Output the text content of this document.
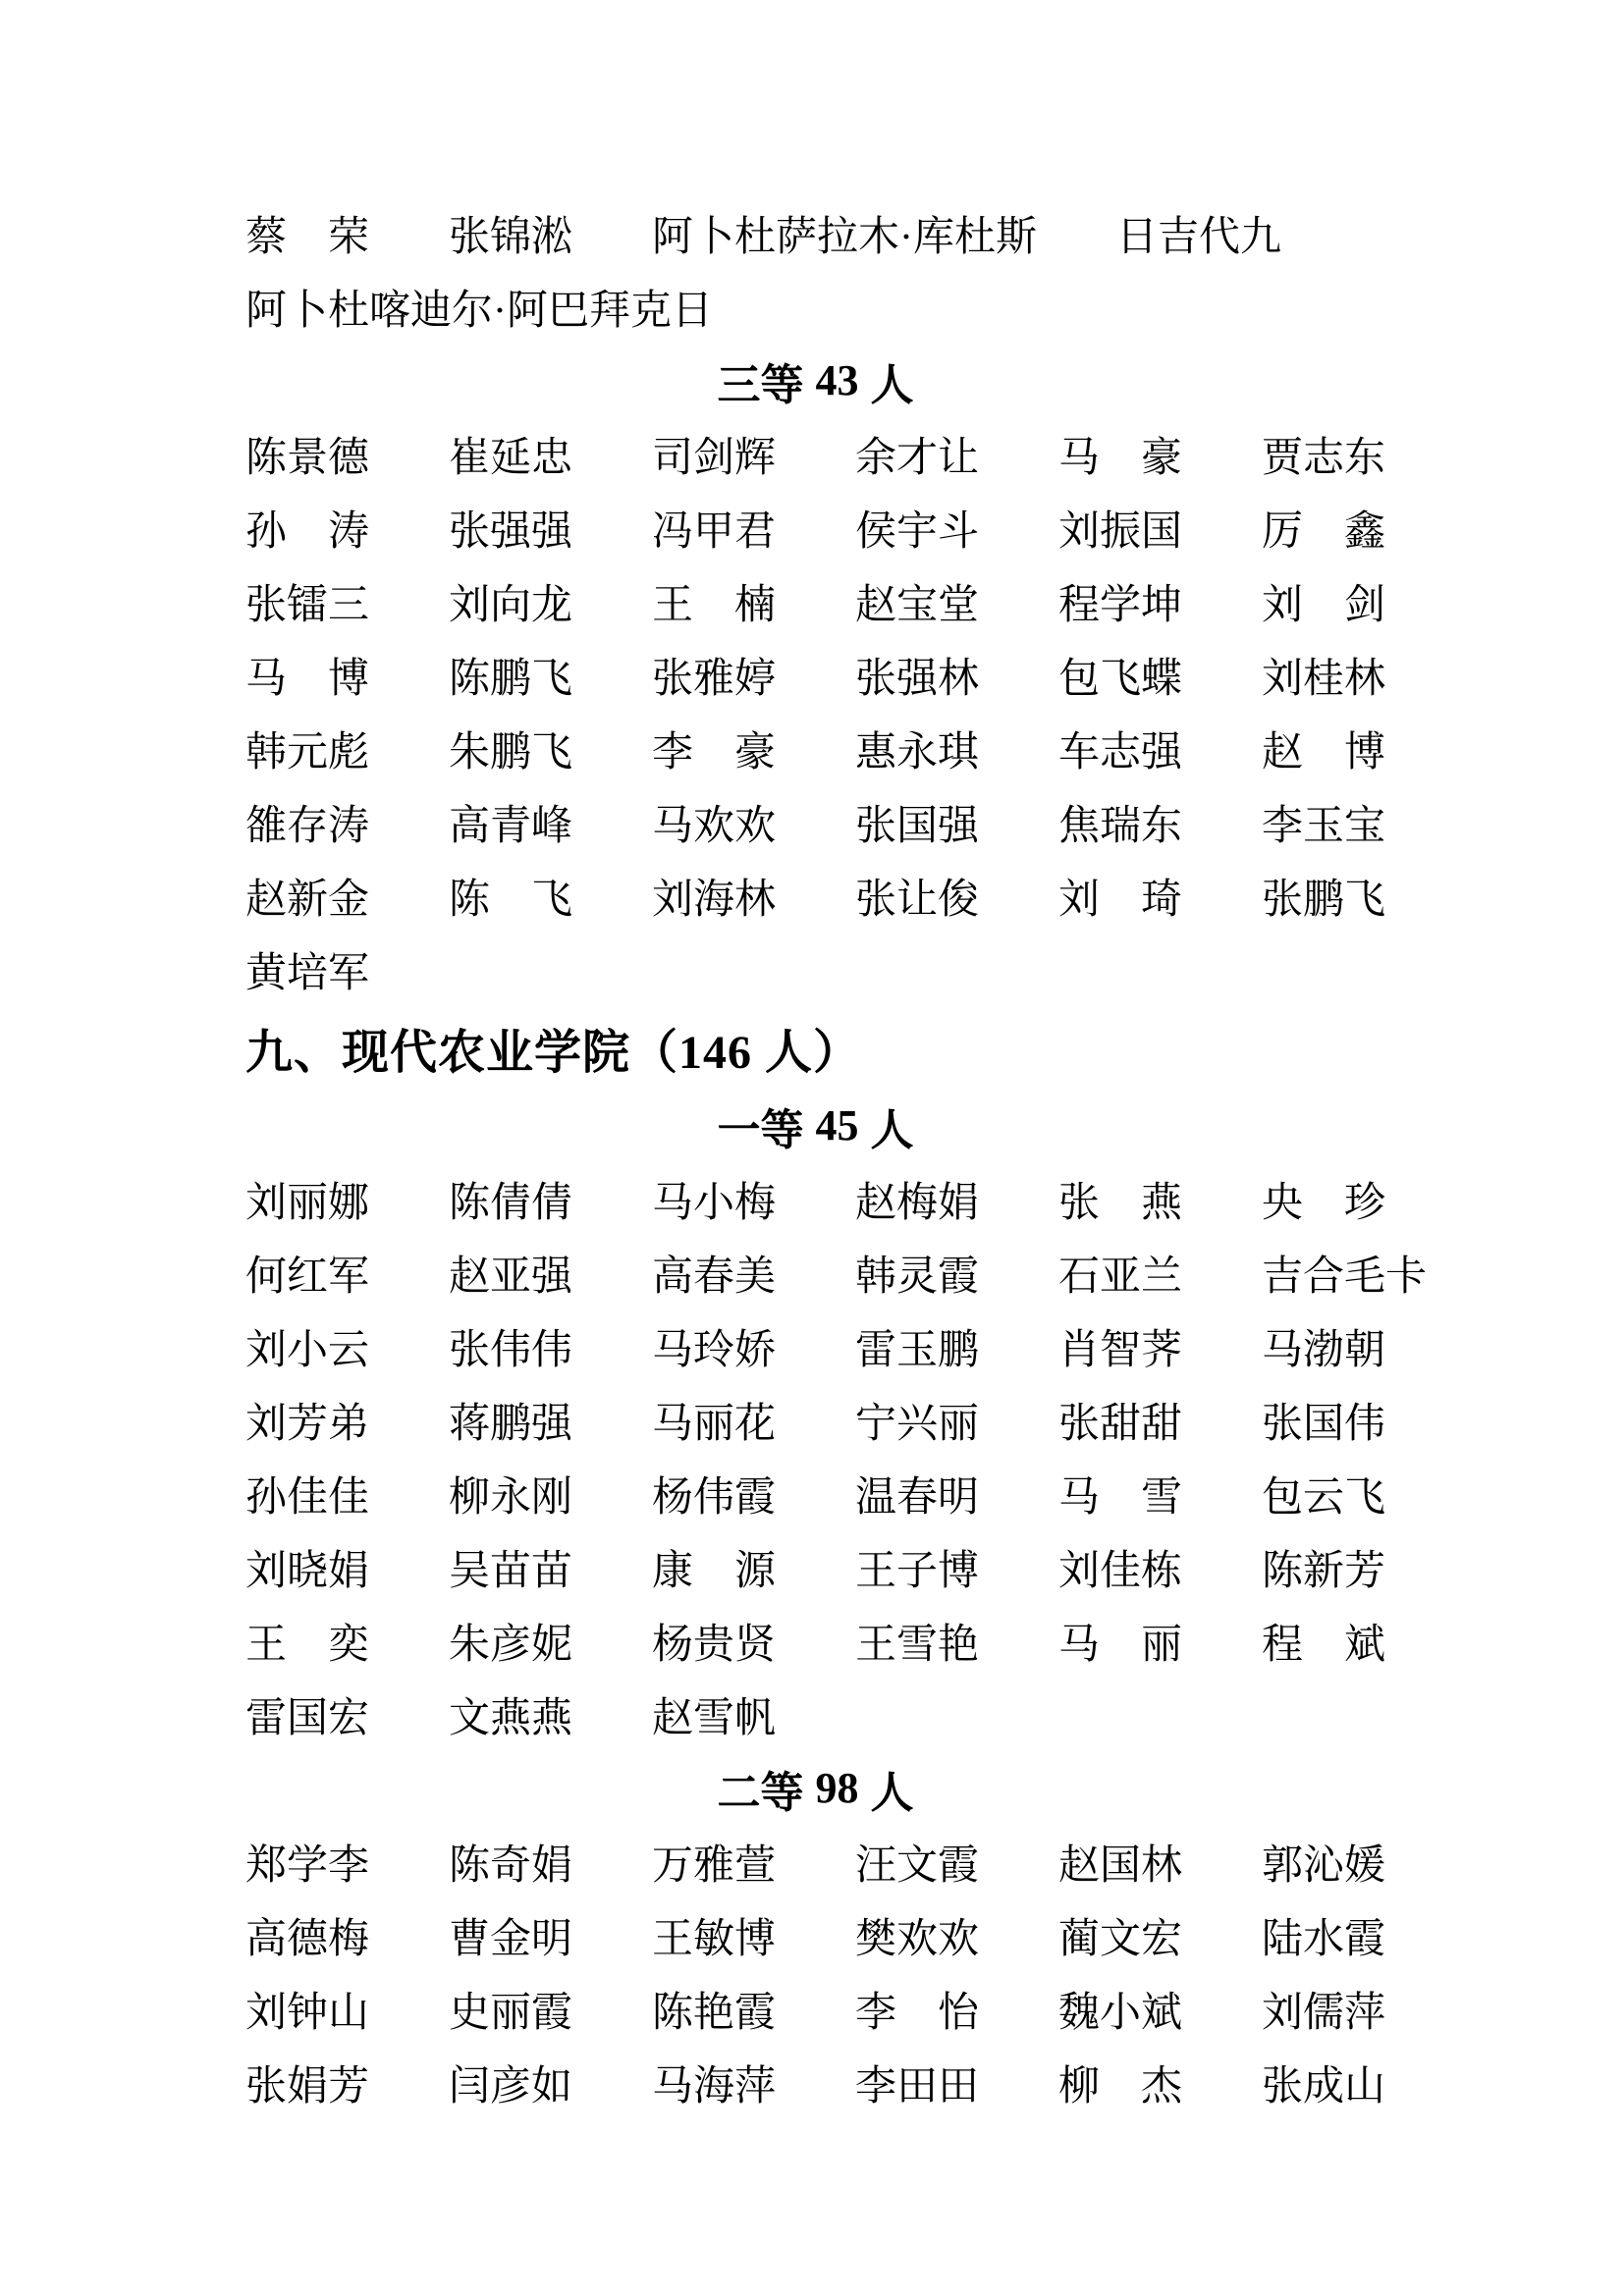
蔡 荣 张锦淞 阿卜杜萨拉木·库杜斯 日吉代九
阿卜杜喀迪尔·阿巴拜克日
三等 43 人
陈景德 崔延忠 司剑辉 余才让 马 豪 贾志东
孙 涛 张强强 冯甲君 侯宇斗 刘振国 厉 鑫
张镭三 刘向龙 王 楠 赵宝堂 程学坤 刘 剑
马 博 陈鹏飞 张雅婷 张强林 包飞蝶 刘桂林
韩元彪 朱鹏飞 李 豪 惠永琪 车志强 赵 博
雒存涛 高青峰 马欢欢 张国强 焦瑞东 李玉宝
赵新金 陈 飞 刘海林 张让俊 刘 琦 张鹏飞
黄培军
九、现代农业学院（146 人）
一等 45 人
刘丽娜 陈倩倩 马小梅 赵梅娟 张 燕 央 珍
何红军 赵亚强 高春美 韩灵霞 石亚兰 吉合毛卡
刘小云 张伟伟 马玲娇 雷玉鹏 肖智荠 马渤朝
刘芳弟 蒋鹏强 马丽花 宁兴丽 张甜甜 张国伟
孙佳佳 柳永刚 杨伟霞 温春明 马 雪 包云飞
刘晓娟 吴苗苗 康 源 王子博 刘佳栋 陈新芳
王 奕 朱彦妮 杨贵贤 王雪艳 马 丽 程 斌
雷国宏 文燕燕 赵雪帆
二等 98 人
郑学李 陈奇娟 万雅萱 汪文霞 赵国林 郭沁媛
高德梅 曹金明 王敏博 樊欢欢 蔺文宏 陆水霞
刘钟山 史丽霞 陈艳霞 李 怡 魏小斌 刘儒萍
张娟芳 闫彦如 马海萍 李田田 柳 杰 张成山
